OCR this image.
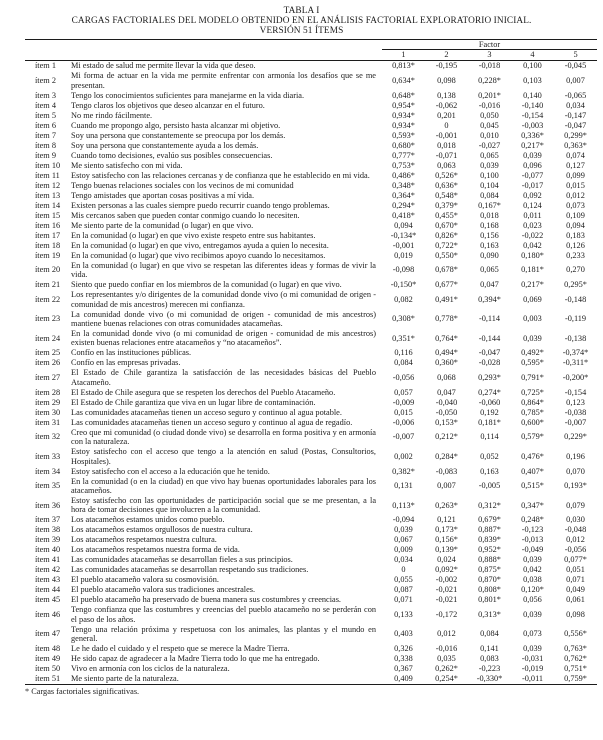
TABLA I
CARGAS FACTORIALES DEL MODELO OBTENIDO EN EL ANÁLISIS FACTORIAL EXPLORATORIO INICIAL.
VERSIÓN 51 ÍTEMS
		Factor				
		1	2	3	4	5
ítem 1	Mi estado de salud me permite llevar la vida que deseo.	0,813*	-0,195	-0,018	0,100	-0,045
ítem 2	Mi forma de actuar en la vida me permite enfrentar con armonía los desafíos que se me presentan.	0,634*	0,098	0,228*	0,103	0,007
ítem 3	Tengo los conocimientos suficientes para manejarme en la vida diaria.	0,648*	0,138	0,201*	0,140	-0,065
ítem 4	Tengo claros los objetivos que deseo alcanzar en el futuro.	0,954*	-0,062	-0,016	-0,140	0,034
ítem 5	No me rindo fácilmente.	0,934*	0,201	0,050	-0,154	-0,147
ítem 6	Cuando me propongo algo, persisto hasta alcanzar mi objetivo.	0,934*	0	0,045	-0,003	-0,047
ítem 7	Soy una persona que constantemente se preocupa por los demás.	0,593*	-0,001	0,010	0,336*	0,299*
ítem 8	Soy una persona que constantemente ayuda a los demás.	0,680*	0,018	-0,027	0,217*	0,363*
ítem 9	Cuando tomo decisiones, evalúo sus posibles consecuencias.	0,777*	-0,071	0,065	0,039	0,074
ítem 10	Me siento satisfecho con mi vida.	0,753*	0,063	0,039	0,096	0,127
ítem 11	Estoy satisfecho con las relaciones cercanas y de confianza que he establecido en mi vida.	0,486*	0,526*	0,100	-0,077	0,099
ítem 12	Tengo buenas relaciones sociales con los vecinos de mi comunidad	0,348*	0,636*	0,104	-0,017	0,015
ítem 13	Tengo amistades que aportan cosas positivas a mí vida.	0,364*	0,548*	0,084	0,092	0,012
ítem 14	Existen personas a las cuales siempre puedo recurrir cuando tengo problemas.	0,294*	0,379*	0,167*	0,124	0,073
ítem 15	Mis cercanos saben que pueden contar conmigo cuando lo necesiten.	0,418*	0,455*	0,018	0,011	0,109
ítem 16	Me siento parte de la comunidad (o lugar) en que vivo.	0,094	0,670*	0,168	0,023	0,094
ítem 17	En la comunidad (o lugar) en que vivo existe respeto entre sus habitantes.	-0,134*	0,826*	0,156	-0,022	0,183
ítem 18	En la comunidad (o lugar) en que vivo, entregamos ayuda a quien lo necesita.	-0,001	0,722*	0,163	0,042	0,126
ítem 19	En la comunidad (o lugar) que vivo recibimos apoyo cuando lo necesitamos.	0,019	0,550*	0,090	0,180*	0,233
ítem 20	En la comunidad (o lugar) en que vivo se respetan las diferentes ideas y formas de vivir la vida.	-0,098	0,678*	0,065	0,181*	0,270
ítem 21	Siento que puedo confiar en los miembros de la comunidad (o lugar) en que vivo.	-0,150*	0,677*	0,047	0,217*	0,295*
ítem 22	Los representantes y/o dirigentes de la comunidad donde vivo (o mi comunidad de origen - comunidad de mis ancestros) merecen mi confianza.	0,082	0,491*	0,394*	0,069	-0,148
ítem 23	La comunidad donde vivo (o mi comunidad de origen - comunidad de mis ancestros) mantiene buenas relaciones con otras comunidades atacameñas.	0,308*	0,778*	-0,114	0,003	-0,119
ítem 24	En la comunidad donde vivo (o mi comunidad de origen - comunidad de mis ancestros) existen buenas relaciones entre atacameños y “no atacameños”.	0,351*	0,764*	-0,144	0,039	-0,138
ítem 25	Confío en las instituciones públicas.	0,116	0,494*	-0,047	0,492*	-0,374*
ítem 26	Confío en las empresas privadas.	0,084	0,360*	-0,028	0,595*	-0,311*
ítem 27	El Estado de Chile garantiza la satisfacción de las necesidades básicas del Pueblo Atacameño.	-0,056	0,068	0,293*	0,791*	-0,200*
ítem 28	El Estado de Chile asegura que se respeten los derechos del Pueblo Atacameño.	0,057	0,047	0,274*	0,725*	-0,154
ítem 29	El Estado de Chile garantiza que viva en un lugar libre de contaminación.	-0,009	-0,040	-0,060	0,864*	0,123
ítem 30	Las comunidades atacameñas tienen un acceso seguro y continuo al agua potable.	0,015	-0,050	0,192	0,785*	-0,038
ítem 31	Las comunidades atacameñas tienen un acceso seguro y continuo al agua de regadío.	-0,006	0,153*	0,181*	0,600*	-0,007
ítem 32	Creo que mi comunidad (o ciudad donde vivo) se desarrolla en forma positiva y en armonía con la naturaleza.	-0,007	0,212*	0,114	0,579*	0,229*
ítem 33	Estoy satisfecho con el acceso que tengo a la atención en salud (Postas, Consultorios, Hospitales).	0,002	0,284*	0,052	0,476*	0,196
ítem 34	Estoy satisfecho con el acceso a la educación que he tenido.	0,382*	-0,083	0,163	0,407*	0,070
ítem 35	En la comunidad (o en la ciudad) en que vivo hay buenas oportunidades laborales para los atacameños.	0,131	0,007	-0,005	0,515*	0,193*
ítem 36	Estoy satisfecho con las oportunidades de participación social que se me presentan, a la hora de tomar decisiones que involucren a la comunidad.	0,113*	0,263*	0,312*	0,347*	0,079
ítem 37	Los atacameños estamos unidos como pueblo.	-0,094	0,121	0,679*	0,248*	0,030
ítem 38	Los atacameños estamos orgullosos de nuestra cultura.	0,039	0,173*	0,887*	-0,123	-0,048
ítem 39	Los atacameños respetamos nuestra cultura.	0,067	0,156*	0,839*	-0,013	0,012
ítem 40	Los atacameños respetamos nuestra forma de vida.	0,009	0,139*	0,952*	-0,049	-0,056
ítem 41	Las comunidades atacameñas se desarrollan fieles a sus principios.	0,034	0,024	0,888*	0,039	0,077*
ítem 42	Las comunidades atacameñas se desarrollan respetando sus tradiciones.	0	0,092*	0,875*	0,042	0,051
ítem 43	El pueblo atacameño valora su cosmovisión.	0,055	-0,002	0,870*	0,038	0,071
ítem 44	El pueblo atacameño valora sus tradiciones ancestrales.	0,087	-0,021	0,808*	0,120*	0,049
ítem 45	El pueblo atacameño ha preservado de buena manera sus costumbres y creencias.	0,071	-0,021	0,801*	0,056	0,061
ítem 46	Tengo confianza que las costumbres y creencias del pueblo atacameño no se perderán con el paso de los años.	0,133	-0,172	0,313*	0,039	0,098
ítem 47	Tengo una relación próxima y respetuosa con los animales, las plantas y el mundo en general.	0,403	0,012	0,084	0,073	0,556*
ítem 48	Le he dado el cuidado y el respeto que se merece la Madre Tierra.	0,326	-0,016	0,141	0,039	0,763*
ítem 49	He sido capaz de agradecer a la Madre Tierra todo lo que me ha entregado.	0,338	0,035	0,083	-0,031	0,762*
ítem 50	Vivo en armonía con los ciclos de la naturaleza.	0,367	0,262*	-0,223	-0,019	0,751*
ítem 51	Me siento parte de la naturaleza.	0,409	0,254*	-0,330*	-0,011	0,759*
* Cargas factoriales significativas.
